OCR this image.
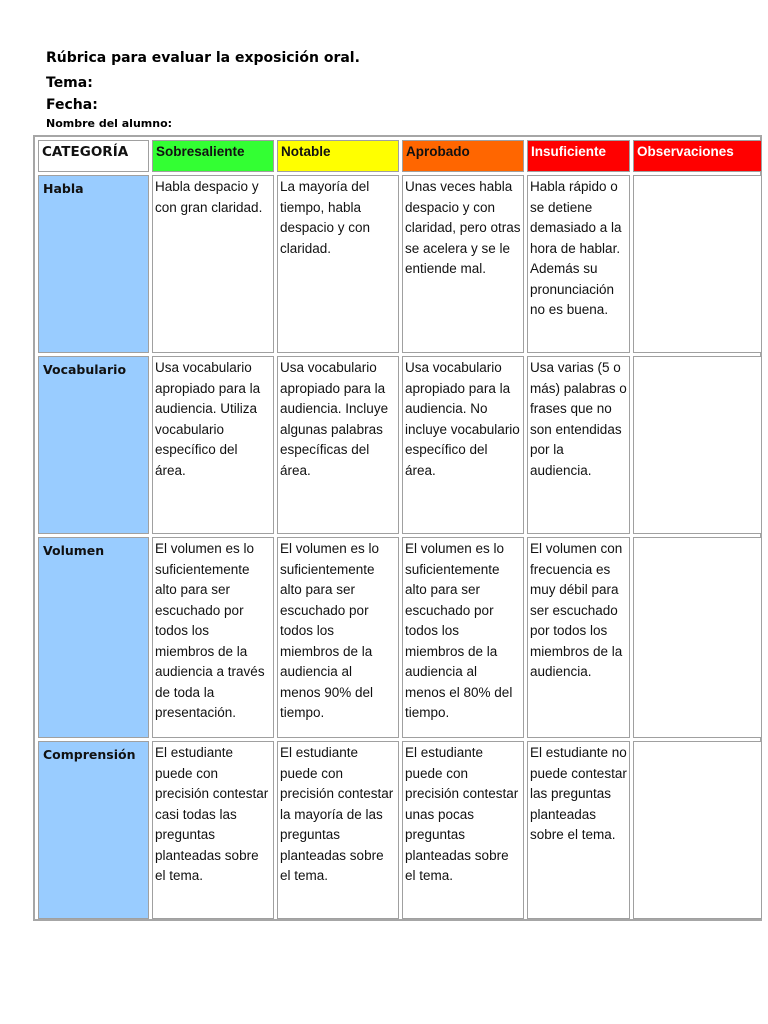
Rúbrica para evaluar la exposición oral.
Tema:
Fecha:
Nombre del alumno:
CATEGORÍA	Sobresaliente	Notable	Aprobado	Insuficiente	Observaciones
Habla	Habla despacio y con gran claridad.	La mayoría del tiempo, habla despacio y con claridad.	Unas veces habla despacio y con claridad, pero otras se acelera y se le entiende mal.	Habla rápido o se detiene demasiado a la hora de hablar. Además su pronunciación no es buena.	
Vocabulario	Usa vocabulario apropiado para la audiencia. Utiliza vocabulario específico del área.	Usa vocabulario apropiado para la audiencia. Incluye algunas palabras específicas del área.	Usa vocabulario apropiado para la audiencia. No incluye vocabulario específico del área.	Usa varias (5 o más) palabras o frases que no son entendidas por la audiencia.	
Volumen	El volumen es lo suficientemente alto para ser escuchado por todos los miembros de la audiencia a través de toda la presentación.	El volumen es lo suficientemente alto para ser escuchado por todos los miembros de la audiencia al menos 90% del tiempo.	El volumen es lo suficientemente alto para ser escuchado por todos los miembros de la audiencia al menos el 80% del tiempo.	El volumen con frecuencia es muy débil para ser escuchado por todos los miembros de la audiencia.	
Comprensión	El estudiante puede con precisión contestar casi todas las preguntas planteadas sobre el tema.	El estudiante puede con precisión contestar la mayoría de las preguntas planteadas sobre el tema.	El estudiante puede con precisión contestar unas pocas preguntas planteadas sobre el tema.	El estudiante no puede contestar las preguntas planteadas sobre el tema.	
